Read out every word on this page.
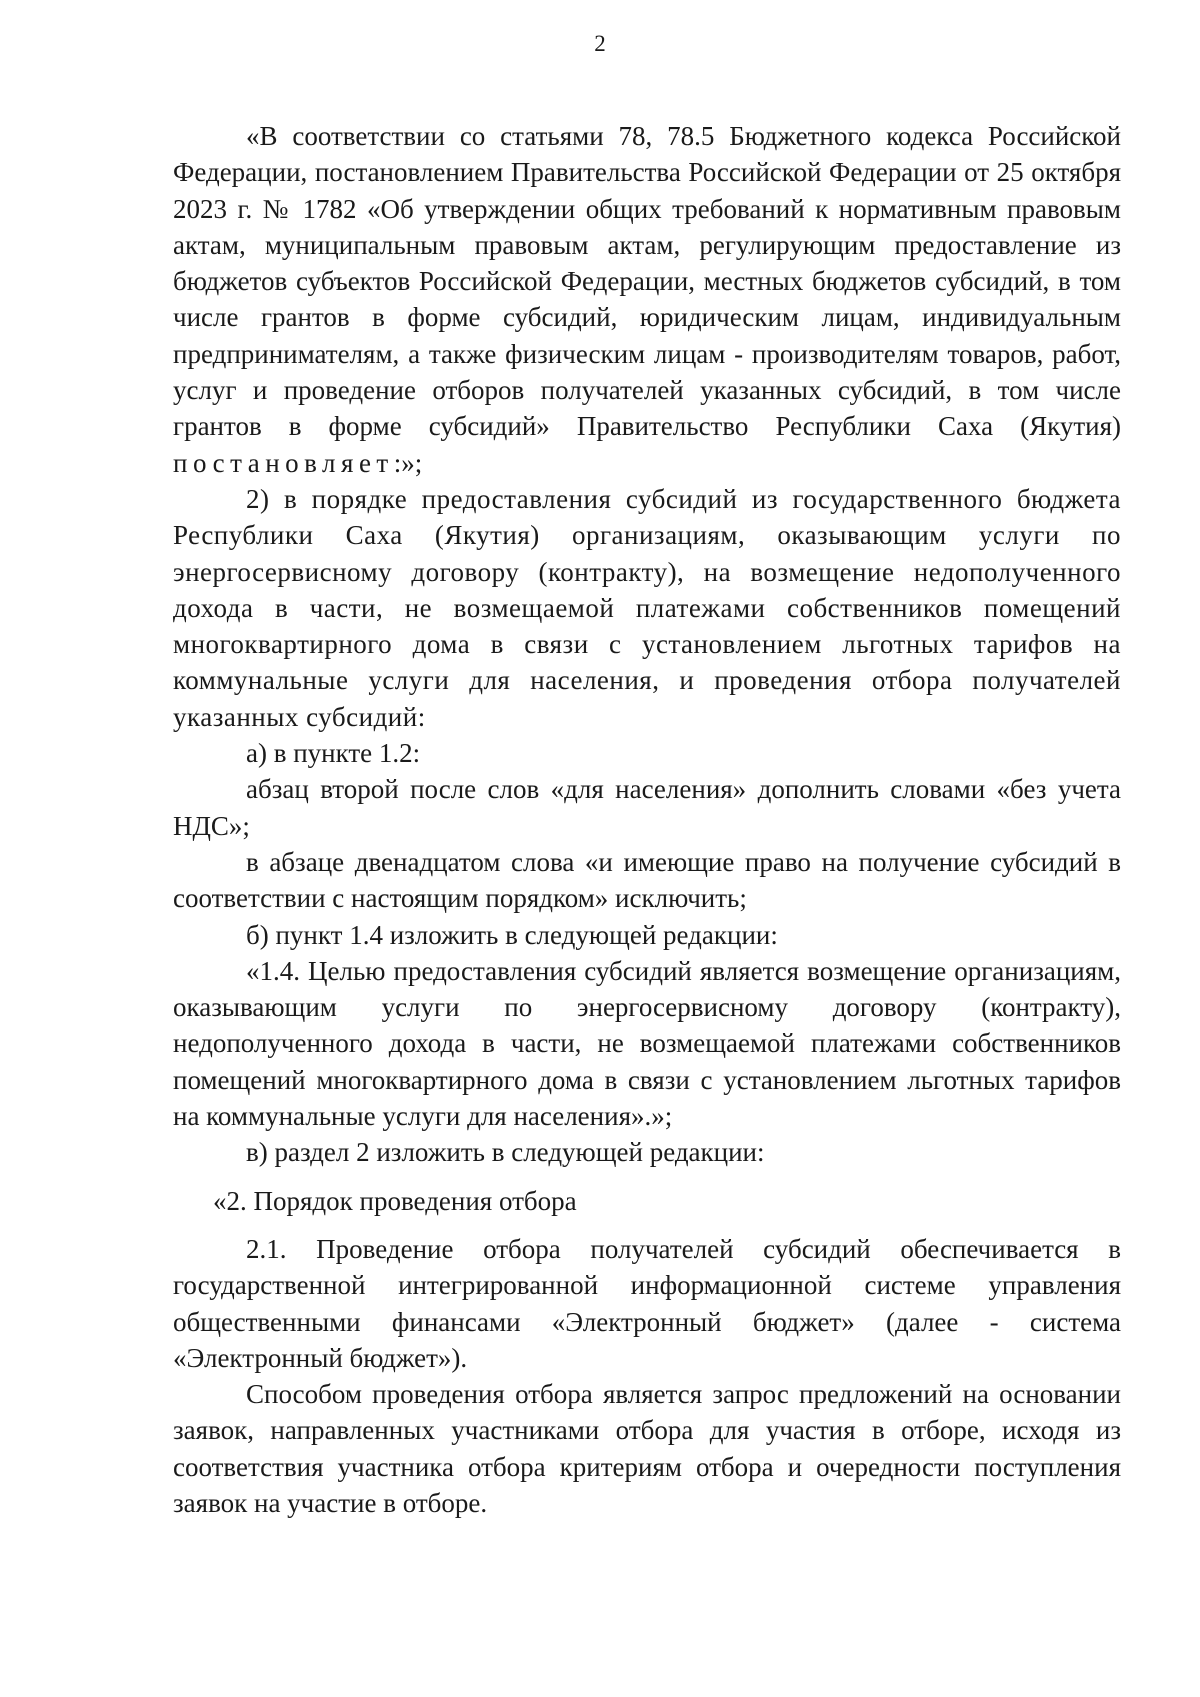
2

«В соответствии со статьями 78, 78.5 Бюджетного кодекса Российской Федерации, постановлением Правительства Российской Федерации от 25 октября 2023 г. № 1782 «Об утверждении общих требований к нормативным правовым актам, муниципальным правовым актам, регулирующим предоставление из бюджетов субъектов Российской Федерации, местных бюджетов субсидий, в том числе грантов в форме субсидий, юридическим лицам, индивидуальным предпринимателям, а также физическим лицам - производителям товаров, работ, услуг и проведение отборов получателей указанных субсидий, в том числе грантов в форме субсидий» Правительство Республики Саха (Якутия) постановляет:»;

2) в порядке предоставления субсидий из государственного бюджета Республики Саха (Якутия) организациям, оказывающим услуги по энергосервисному договору (контракту), на возмещение недополученного дохода в части, не возмещаемой платежами собственников помещений многоквартирного дома в связи с установлением льготных тарифов на коммунальные услуги для населения, и проведения отбора получателей указанных субсидий:

а) в пункте 1.2:

абзац второй после слов «для населения» дополнить словами «без учета НДС»;

в абзаце двенадцатом слова «и имеющие право на получение субсидий в соответствии с настоящим порядком» исключить;

б) пункт 1.4 изложить в следующей редакции:

«1.4. Целью предоставления субсидий является возмещение организациям, оказывающим услуги по энергосервисному договору (контракту), недополученного дохода в части, не возмещаемой платежами собственников помещений многоквартирного дома в связи с установлением льготных тарифов на коммунальные услуги для населения».»;

в) раздел 2 изложить в следующей редакции:

«2. Порядок проведения отбора

2.1. Проведение отбора получателей субсидий обеспечивается в государственной интегрированной информационной системе управления общественными финансами «Электронный бюджет» (далее - система «Электронный бюджет»).

Способом проведения отбора является запрос предложений на основании заявок, направленных участниками отбора для участия в отборе, исходя из соответствия участника отбора критериям отбора и очередности поступления заявок на участие в отборе.
